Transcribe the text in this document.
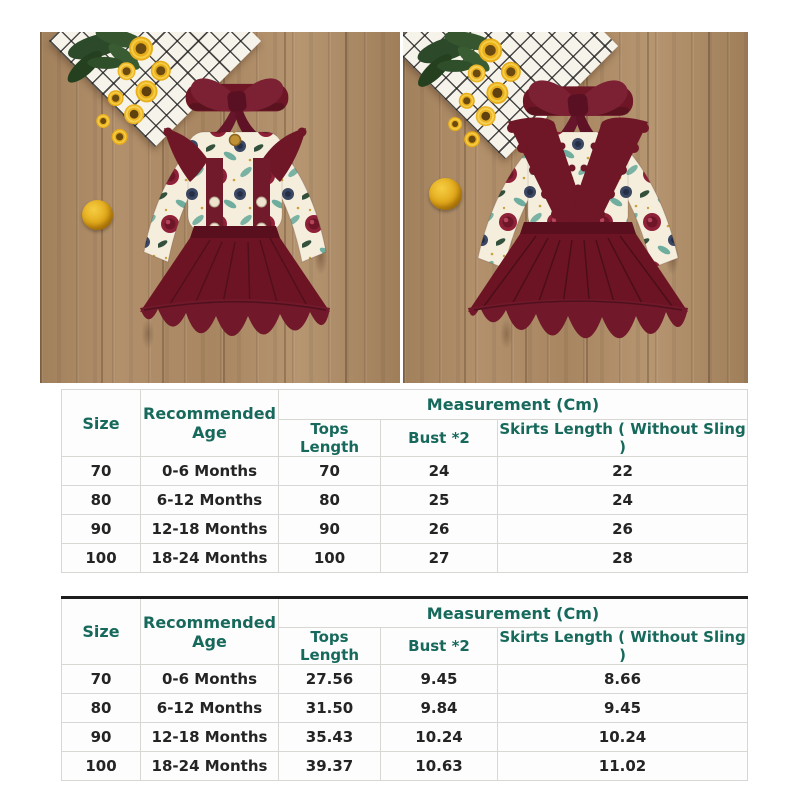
Size	Recommended Age	Measurement (Cm)		
		Tops Length	Bust *2	Skirts Length ( Without Sling )
70	0-6 Months	70	24	22
80	6-12 Months	80	25	24
90	12-18 Months	90	26	26
100	18-24 Months	100	27	28
Size	Recommended Age	Measurement (Cm)		
		Tops Length	Bust *2	Skirts Length ( Without Sling )
70	0-6 Months	27.56	9.45	8.66
80	6-12 Months	31.50	9.84	9.45
90	12-18 Months	35.43	10.24	10.24
100	18-24 Months	39.37	10.63	11.02
